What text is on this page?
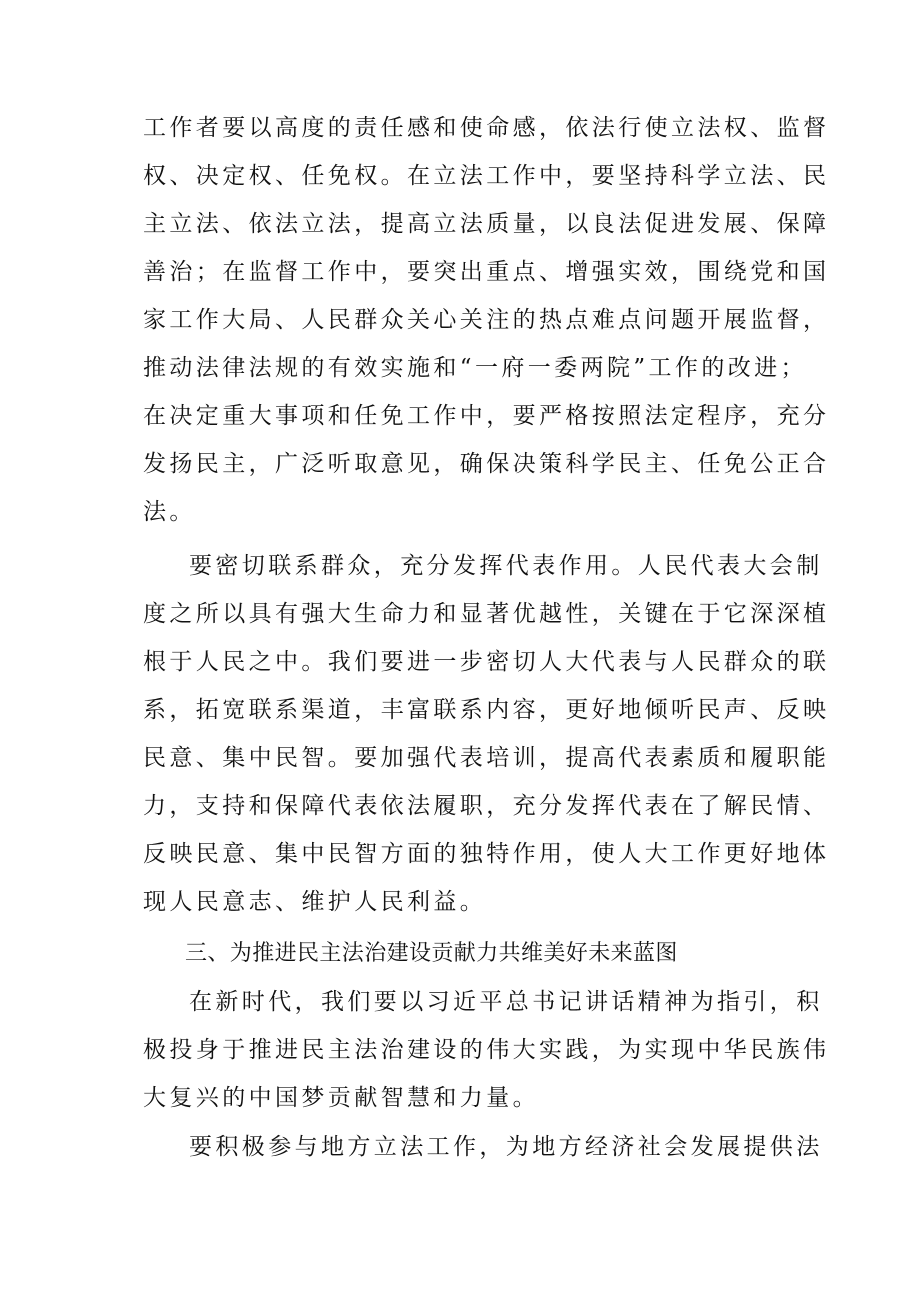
工作者要以高度的责任感和使命感，依法行使立法权、监督
权、决定权、任免权。在立法工作中，要坚持科学立法、民
主立法、依法立法，提高立法质量，以良法促进发展、保障
善治；在监督工作中，要突出重点、增强实效，围绕党和国
家工作大局、人民群众关心关注的热点难点问题开展监督，
推动法律法规的有效实施和“一府一委两院”工作的改进；
在决定重大事项和任免工作中，要严格按照法定程序，充分
发扬民主，广泛听取意见，确保决策科学民主、任免公正合
法。
要密切联系群众，充分发挥代表作用。人民代表大会制
度之所以具有强大生命力和显著优越性，关键在于它深深植
根于人民之中。我们要进一步密切人大代表与人民群众的联
系，拓宽联系渠道，丰富联系内容，更好地倾听民声、反映
民意、集中民智。要加强代表培训，提高代表素质和履职能
力，支持和保障代表依法履职，充分发挥代表在了解民情、
反映民意、集中民智方面的独特作用，使人大工作更好地体
现人民意志、维护人民利益。
三、为推进民主法治建设贡献力共维美好未来蓝图
在新时代，我们要以习近平总书记讲话精神为指引，积
极投身于推进民主法治建设的伟大实践，为实现中华民族伟
大复兴的中国梦贡献智慧和力量。
要积极参与地方立法工作，为地方经济社会发展提供法
